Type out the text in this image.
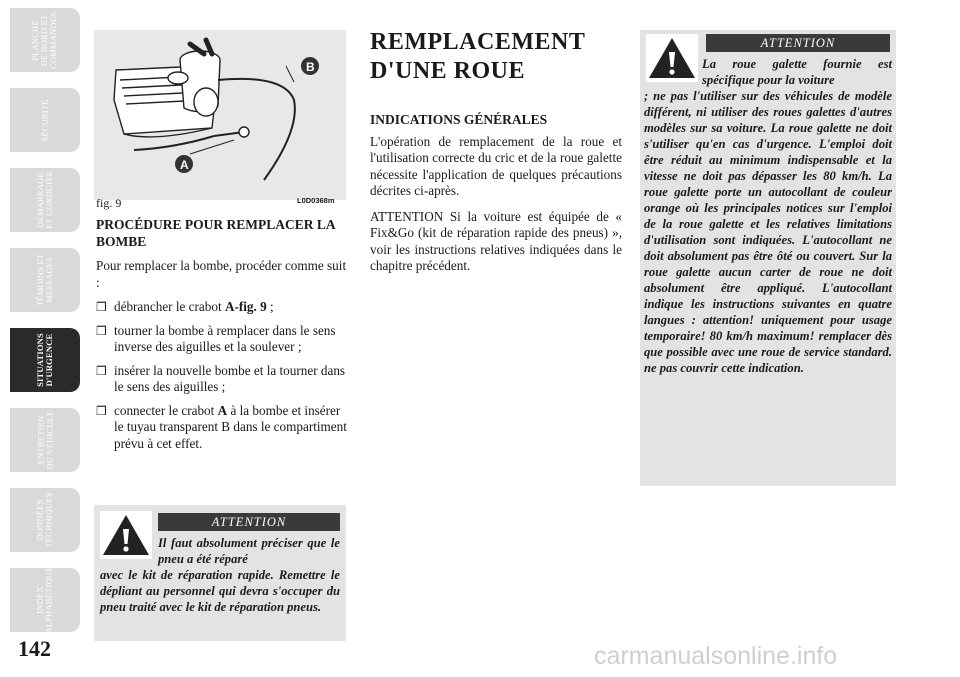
PLANCHE
DE BORD ET
COMMANDES
SÉCURITÉ
DÉMARRAGE
ET CONDUITE
TÉMOINS ET
MESSAGES
SITUATIONS
D'URGENCE
ENTRETIEN
DU VÉHICULE
DONNÉES
TECHNIQUES
INDEX
ALPHABÉTIQUE
142
A
B
fig. 9	L0D0368m
PROCÉDURE POUR REMPLACER LA BOMBE

Pour remplacer la bombe, procéder comme suit :

❒ débrancher le crabot A-fig. 9 ;
❒ tourner la bombe à remplacer dans le sens inverse des aiguilles et la soulever ;
❒ insérer la nouvelle bombe et la tourner dans le sens des aiguilles ;
❒ connecter le crabot A à la bombe et insérer le tuyau transparent B dans le compartiment prévu à cet effet.
ATTENTION
Il faut absolument préciser que le pneu a été réparé
avec le kit de réparation rapide. Remettre le dépliant au personnel qui devra s'occuper du pneu traité avec le kit de réparation pneus.
REMPLACEMENT D'UNE ROUE
INDICATIONS GÉNÉRALES

L'opération de remplacement de la roue et l'utilisation correcte du cric et de la roue galette nécessite l'application de quelques précautions décrites ci-après.

ATTENTION Si la voiture est équipée de « Fix&Go (kit de réparation rapide des pneus) », voir les instructions relatives indiquées dans le chapitre précédent.

ATTENTION
La roue galette fournie est spécifique pour la voiture
; ne pas l'utiliser sur des véhicules de modèle différent, ni utiliser des roues galettes d'autres modèles sur sa voiture. La roue galette ne doit s'utiliser qu'en cas d'urgence. L'emploi doit être réduit au minimum indispensable et la vitesse ne doit pas dépasser les 80 km/h. La roue galette porte un autocollant de couleur orange où les principales notices sur l'emploi de la roue galette et les relatives limitations d'utilisation sont indiquées. L'autocollant ne doit absolument pas être ôté ou couvert. Sur la roue galette aucun carter de roue ne doit absolument être appliqué. L'autocollant indique les instructions suivantes en quatre langues : attention! uniquement pour usage temporaire! 80 km/h maximum! remplacer dès que possible avec une roue de service standard. ne pas couvrir cette indication.
carmanualsonline.info
